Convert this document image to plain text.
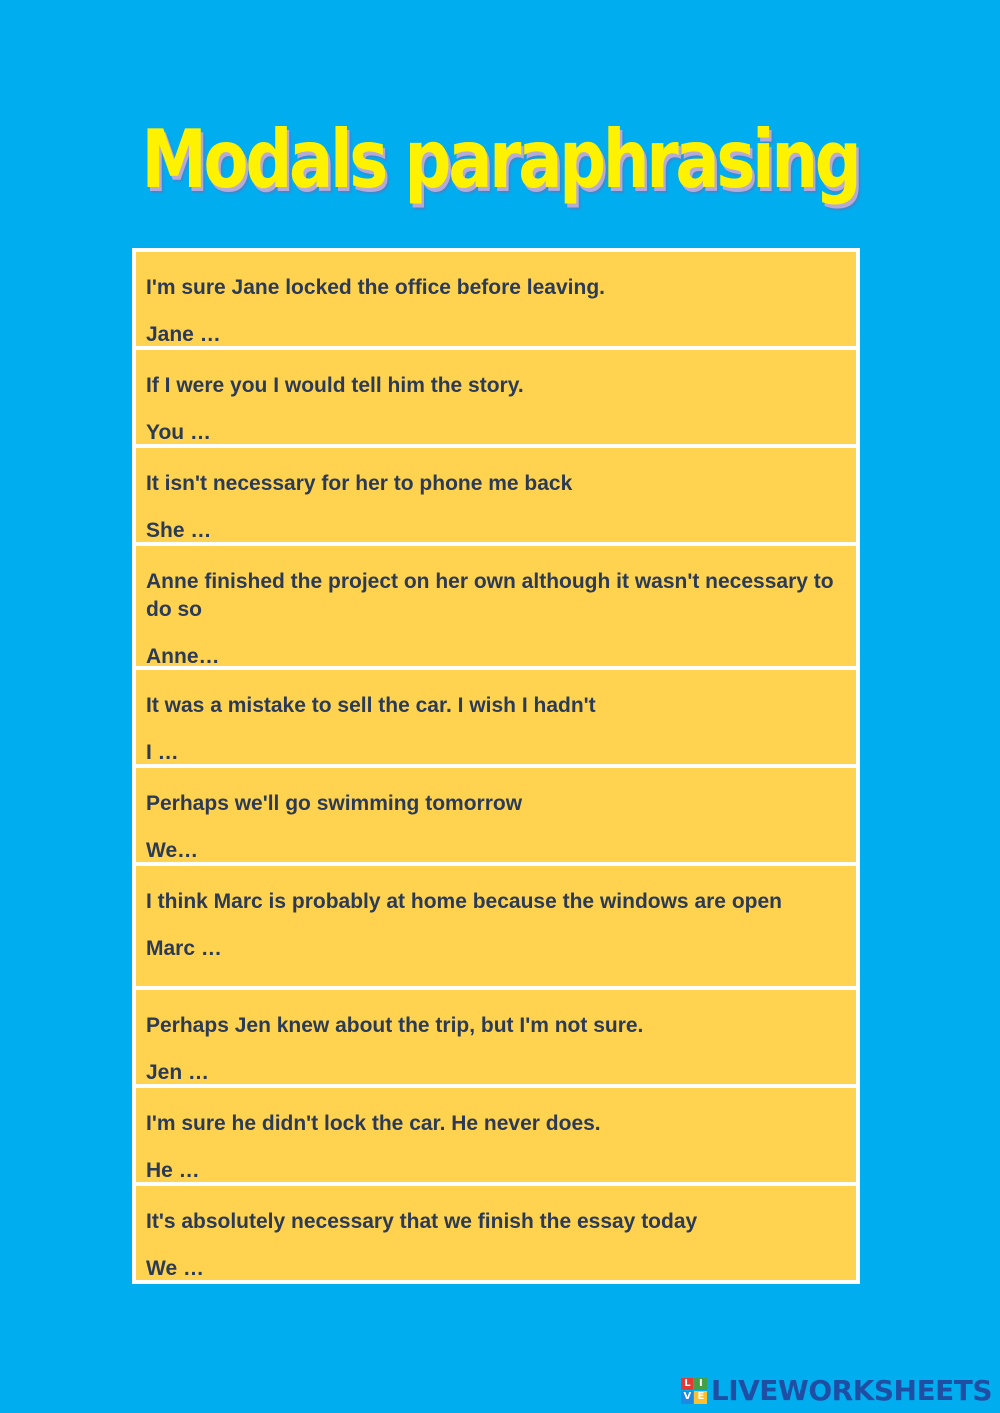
Modals paraphrasing
I'm sure Jane locked the office before leaving.
Jane …
If I were you I would tell him the story.
You …
It isn't necessary for her to phone me back
She …
Anne finished the project on her own although it wasn't necessary to do so
Anne…
It was a mistake to sell the car. I wish I hadn't
I …
Perhaps we'll go swimming tomorrow
We…
I think Marc is probably at home because the windows are open
Marc …
Perhaps Jen knew about the trip, but I'm not sure.
Jen …
I'm sure he didn't lock the car. He never does.
He …
It's absolutely necessary that we finish the essay today
We …
L I
V E LIVEWORKSHEETS
